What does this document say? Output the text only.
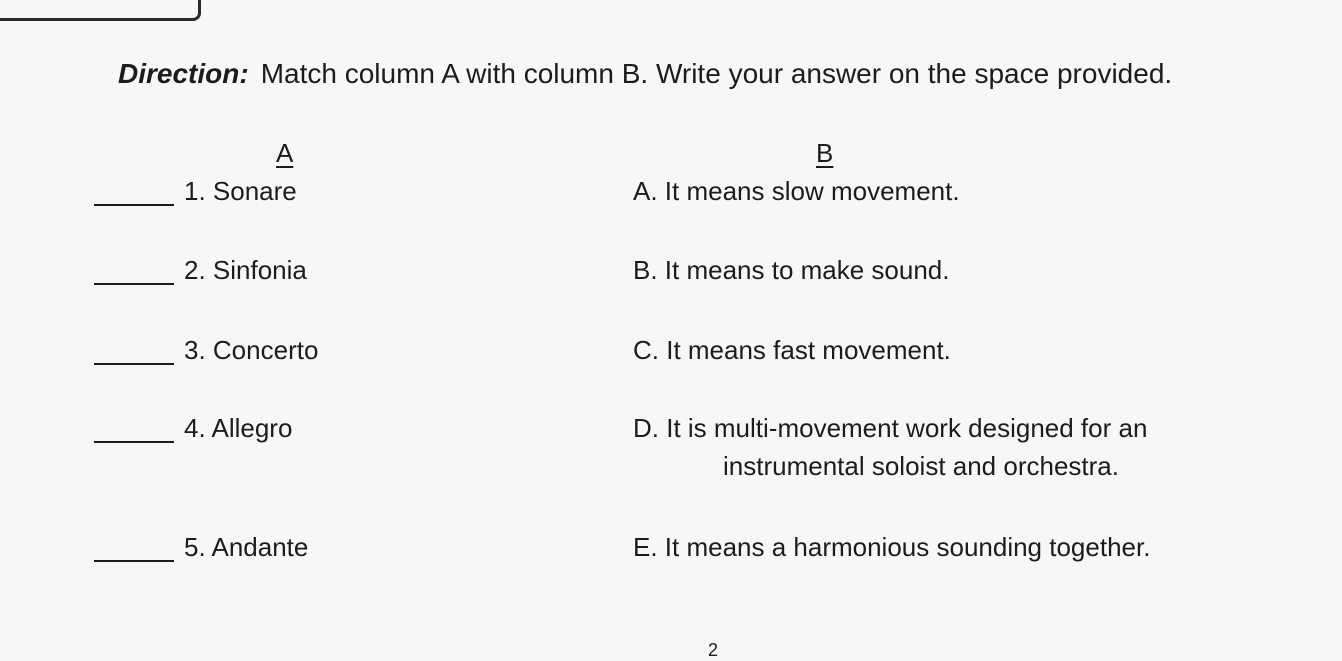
Direction: Match column A with column B. Write your answer on the space provided.
A	B
1. Sonare	A. It means slow movement.
2. Sinfonia	B. It means to make sound.
3. Concerto	C. It means fast movement.
4. Allegro	D. It is multi-movement work designed for an
instrumental soloist and orchestra.
5. Andante	E. It means a harmonious sounding together.
2
